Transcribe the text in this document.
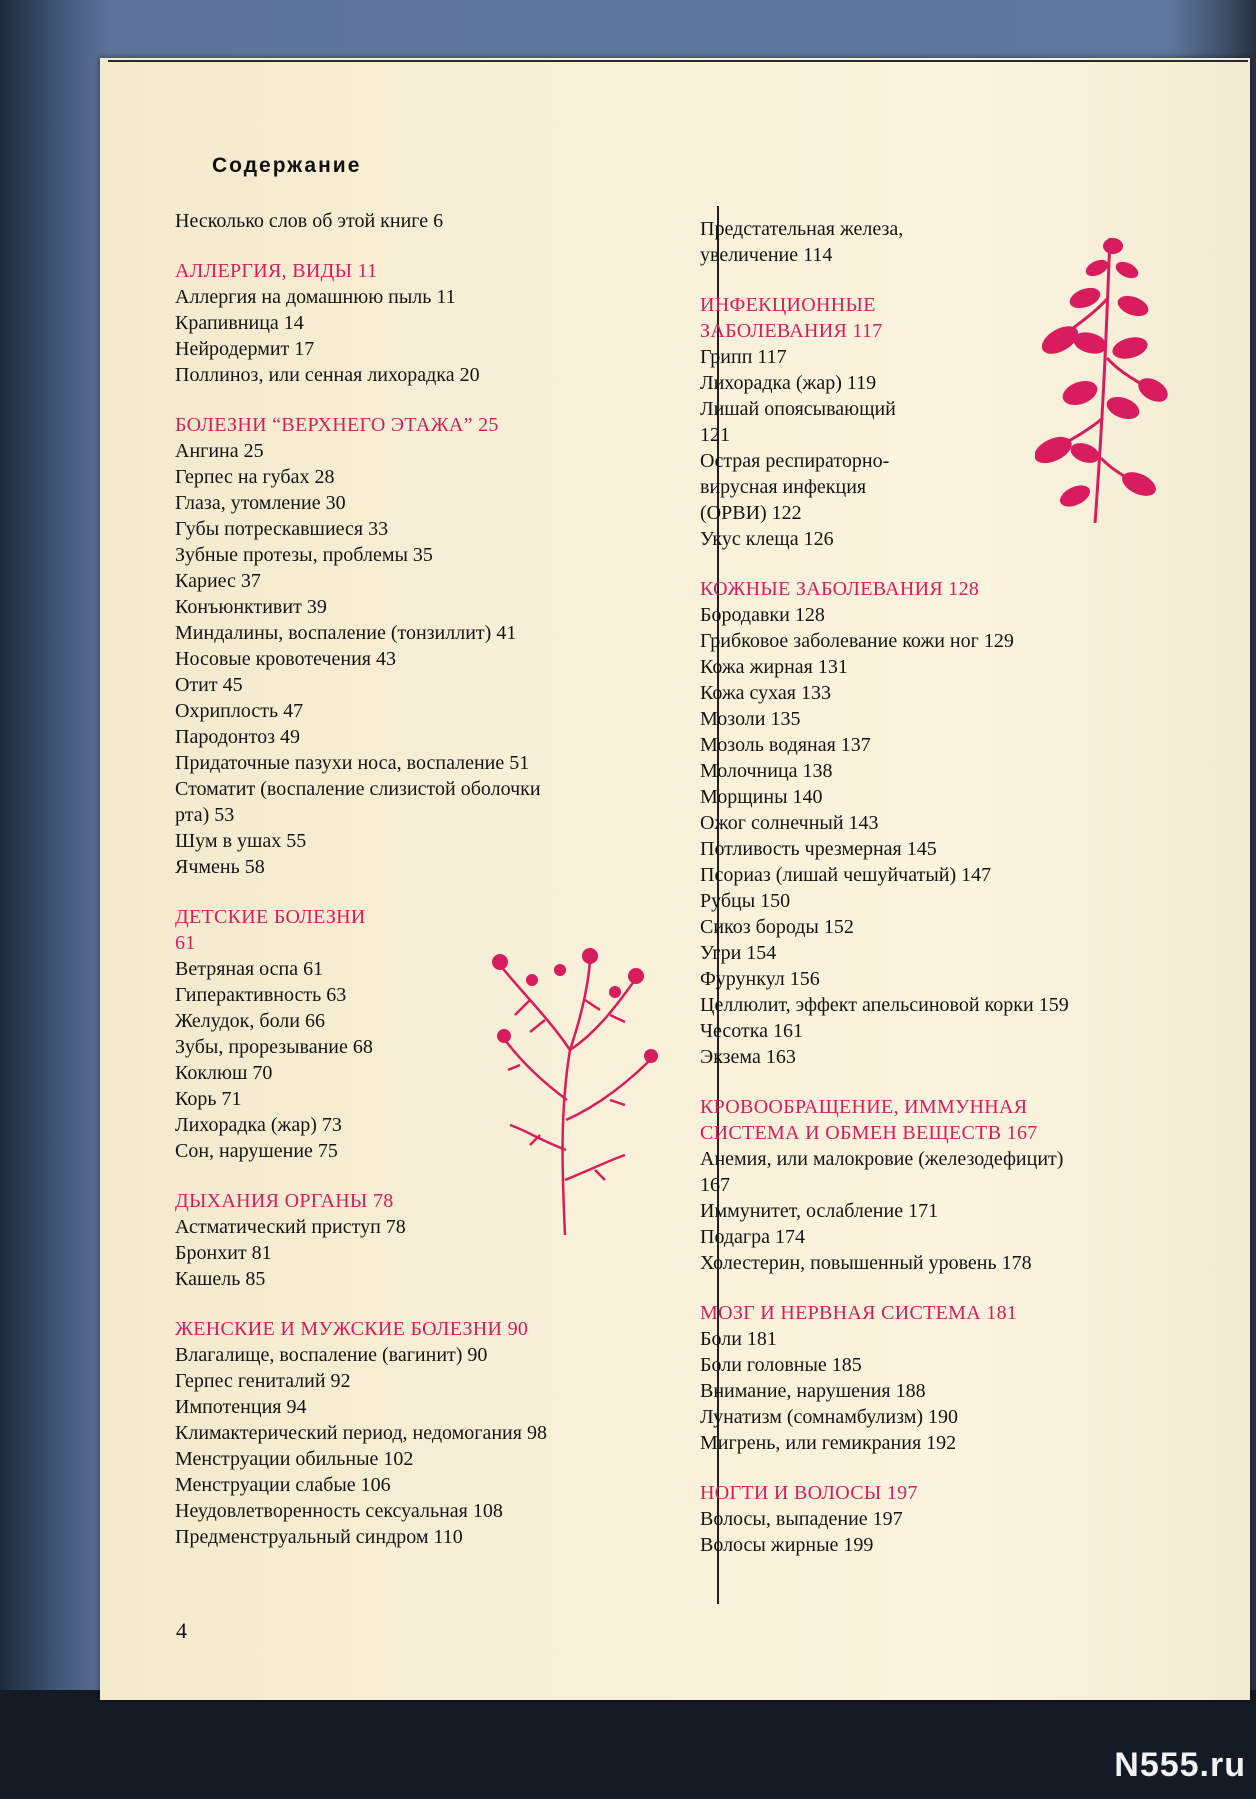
Содержание
Несколько слов об этой книге 6
АЛЛЕРГИЯ, ВИДЫ 11
Аллергия на домашнюю пыль 11
Крапивница 14
Нейродермит 17
Поллиноз, или сенная лихорадка 20
БОЛЕЗНИ “ВЕРХНЕГО ЭТАЖА” 25
Ангина 25
Герпес на губах 28
Глаза, утомление 30
Губы потрескавшиеся 33
Зубные протезы, проблемы 35
Кариес 37
Конъюнктивит 39
Миндалины, воспаление (тонзиллит) 41
Носовые кровотечения 43
Отит 45
Охриплость 47
Пародонтоз 49
Придаточные пазухи носа, воспаление 51
Стоматит (воспаление слизистой оболочки
рта) 53
Шум в ушах 55
Ячмень 58
ДЕТСКИЕ БОЛЕЗНИ
61
Ветряная оспа 61
Гиперактивность 63
Желудок, боли 66
Зубы, прорезывание 68
Коклюш 70
Корь 71
Лихорадка (жар) 73
Сон, нарушение 75
ДЫХАНИЯ ОРГАНЫ 78
Астматический приступ 78
Бронхит 81
Кашель 85
ЖЕНСКИЕ И МУЖСКИЕ БОЛЕЗНИ 90
Влагалище, воспаление (вагинит) 90
Герпес гениталий 92
Импотенция 94
Климактерический период, недомогания 98
Менструации обильные 102
Менструации слабые 106
Неудовлетворенность сексуальная 108
Предменструальный синдром 110
Предстательная железа,
увеличение 114
ИНФЕКЦИОННЫЕ
ЗАБОЛЕВАНИЯ 117
Грипп 117
Лихорадка (жар) 119
Лишай опоясывающий
121
Острая респираторно-
вирусная инфекция
(ОРВИ) 122
Укус клеща 126
КОЖНЫЕ ЗАБОЛЕВАНИЯ 128
Бородавки 128
Грибковое заболевание кожи ног 129
Кожа жирная 131
Кожа сухая 133
Мозоли 135
Мозоль водяная 137
Молочница 138
Морщины 140
Ожог солнечный 143
Потливость чрезмерная 145
Псориаз (лишай чешуйчатый) 147
Рубцы 150
Сикоз бороды 152
Угри 154
Фурункул 156
Целлюлит, эффект апельсиновой корки 159
Чесотка 161
Экзема 163
КРОВООБРАЩЕНИЕ, ИММУННАЯ
СИСТЕМА И ОБМЕН ВЕЩЕСТВ 167
Анемия, или малокровие (железодефицит)
167
Иммунитет, ослабление 171
Подагра 174
Холестерин, повышенный уровень 178
МОЗГ И НЕРВНАЯ СИСТЕМА 181
Боли 181
Боли головные 185
Внимание, нарушения 188
Лунатизм (сомнамбулизм) 190
Мигрень, или гемикрания 192
НОГТИ И ВОЛОСЫ 197
Волосы, выпадение 197
Волосы жирные 199
4
N555.ru
